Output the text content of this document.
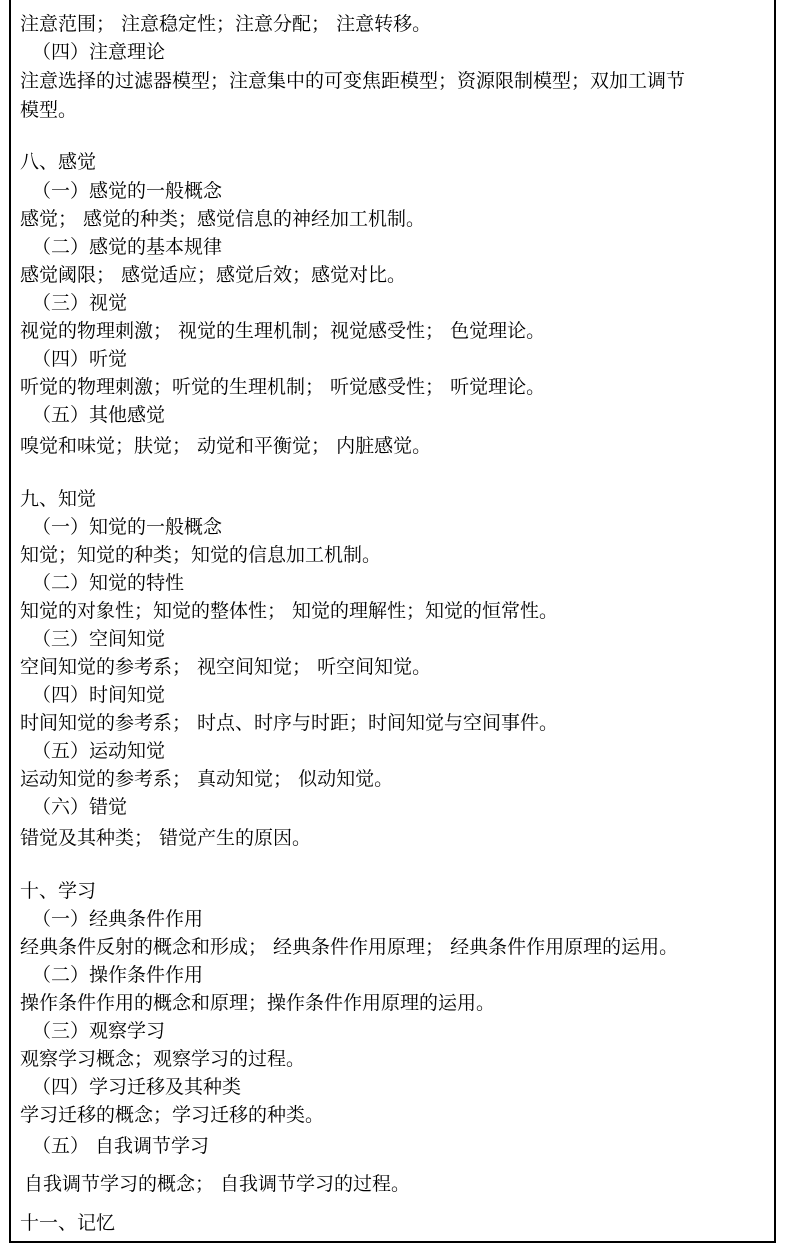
注意范围； 注意稳定性；注意分配； 注意转移。
（四）注意理论
注意选择的过滤器模型；注意集中的可变焦距模型；资源限制模型；双加工调节
模型。
八、感觉
（一）感觉的一般概念
感觉； 感觉的种类；感觉信息的神经加工机制。
（二）感觉的基本规律
感觉阈限； 感觉适应；感觉后效；感觉对比。
（三）视觉
视觉的物理刺激； 视觉的生理机制；视觉感受性； 色觉理论。
（四）听觉
听觉的物理刺激；听觉的生理机制； 听觉感受性； 听觉理论。
（五）其他感觉
嗅觉和味觉；肤觉； 动觉和平衡觉； 内脏感觉。
九、知觉
（一）知觉的一般概念
知觉；知觉的种类；知觉的信息加工机制。
（二）知觉的特性
知觉的对象性；知觉的整体性； 知觉的理解性；知觉的恒常性。
（三）空间知觉
空间知觉的参考系； 视空间知觉； 听空间知觉。
（四）时间知觉
时间知觉的参考系； 时点、时序与时距；时间知觉与空间事件。
（五）运动知觉
运动知觉的参考系； 真动知觉； 似动知觉。
（六）错觉
错觉及其种类； 错觉产生的原因。
十、学习
（一）经典条件作用
经典条件反射的概念和形成； 经典条件作用原理； 经典条件作用原理的运用。
（二）操作条件作用
操作条件作用的概念和原理；操作条件作用原理的运用。
（三）观察学习
观察学习概念；观察学习的过程。
（四）学习迁移及其种类
学习迁移的概念；学习迁移的种类。
（五） 自我调节学习
自我调节学习的概念； 自我调节学习的过程。
十一、记忆
